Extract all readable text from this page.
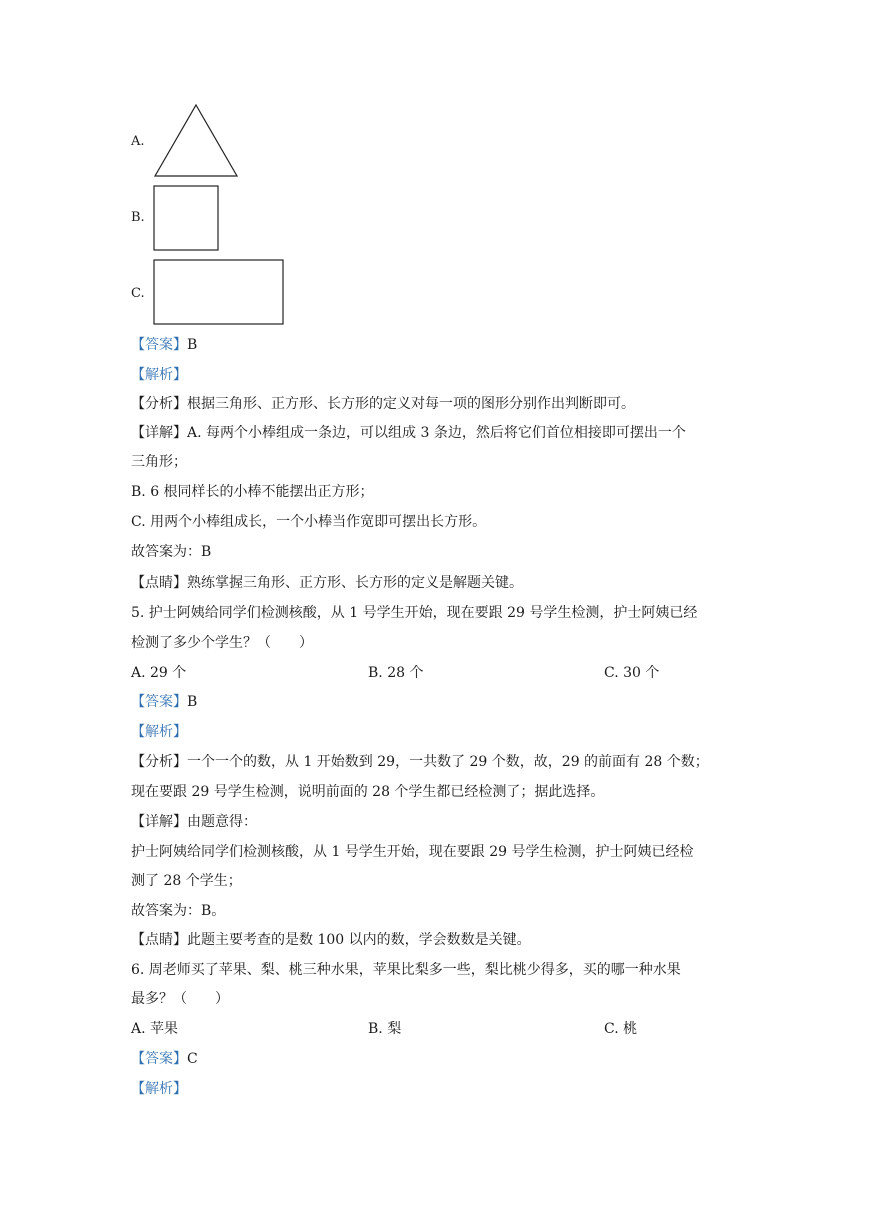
A.
B.
C.
【答案】B
【解析】
【分析】根据三角形、正方形、长方形的定义对每一项的图形分别作出判断即可。
【详解】A. 每两个小棒组成一条边，可以组成 3 条边，然后将它们首位相接即可摆出一个
三角形；
B. 6 根同样长的小棒不能摆出正方形；
C. 用两个小棒组成长，一个小棒当作宽即可摆出长方形。
故答案为：B
【点睛】熟练掌握三角形、正方形、长方形的定义是解题关键。
5. 护士阿姨给同学们检测核酸，从 1 号学生开始，现在要跟 29 号学生检测，护士阿姨已经
检测了多少个学生？（　　）
A. 29 个	B. 28 个	C. 30 个
【答案】B
【解析】
【分析】一个一个的数，从 1 开始数到 29，一共数了 29 个数，故，29 的前面有 28 个数；
现在要跟 29 号学生检测，说明前面的 28 个学生都已经检测了；据此选择。
【详解】由题意得：
护士阿姨给同学们检测核酸，从 1 号学生开始，现在要跟 29 号学生检测，护士阿姨已经检
测了 28 个学生；
故答案为：B。
【点睛】此题主要考查的是数 100 以内的数，学会数数是关键。
6. 周老师买了苹果、梨、桃三种水果，苹果比梨多一些，梨比桃少得多，买的哪一种水果
最多？（　　）
A. 苹果	B. 梨	C. 桃
【答案】C
【解析】
